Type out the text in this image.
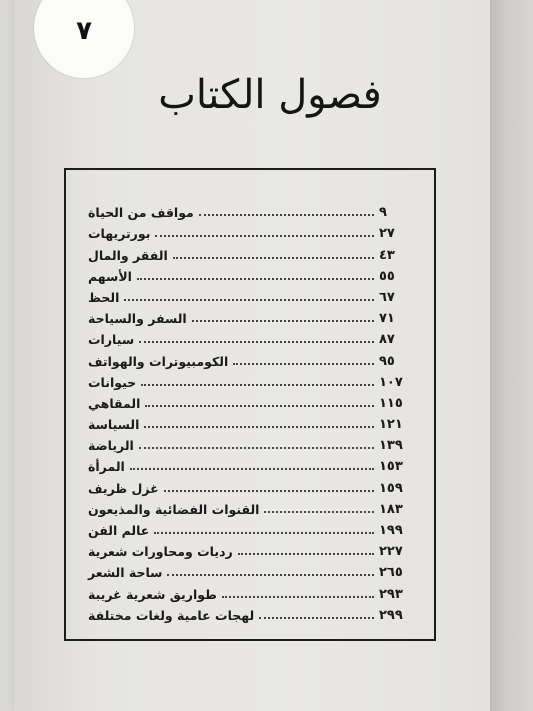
٧
فصول الكتاب
مواقف من الحياة	٩
بورتريهات	٢٧
الفقر والمال	٤٣
الأسهم	٥٥
الحظ	٦٧
السفر والسياحة	٧١
سيارات	٨٧
الكومبيوترات والهواتف	٩٥
حيوانات	١٠٧
المقاهي	١١٥
السياسة	١٢١
الرياضة	١٣٩
المرأة	١٥٣
غزل ظريف	١٥٩
القنوات الفضائية والمذيعون	١٨٣
عالم الفن	١٩٩
رديات ومحاورات شعرية	٢٢٧
ساحة الشعر	٢٦٥
طواريق شعرية غريبة	٢٩٣
لهجات عامية ولغات مختلفة	٢٩٩
